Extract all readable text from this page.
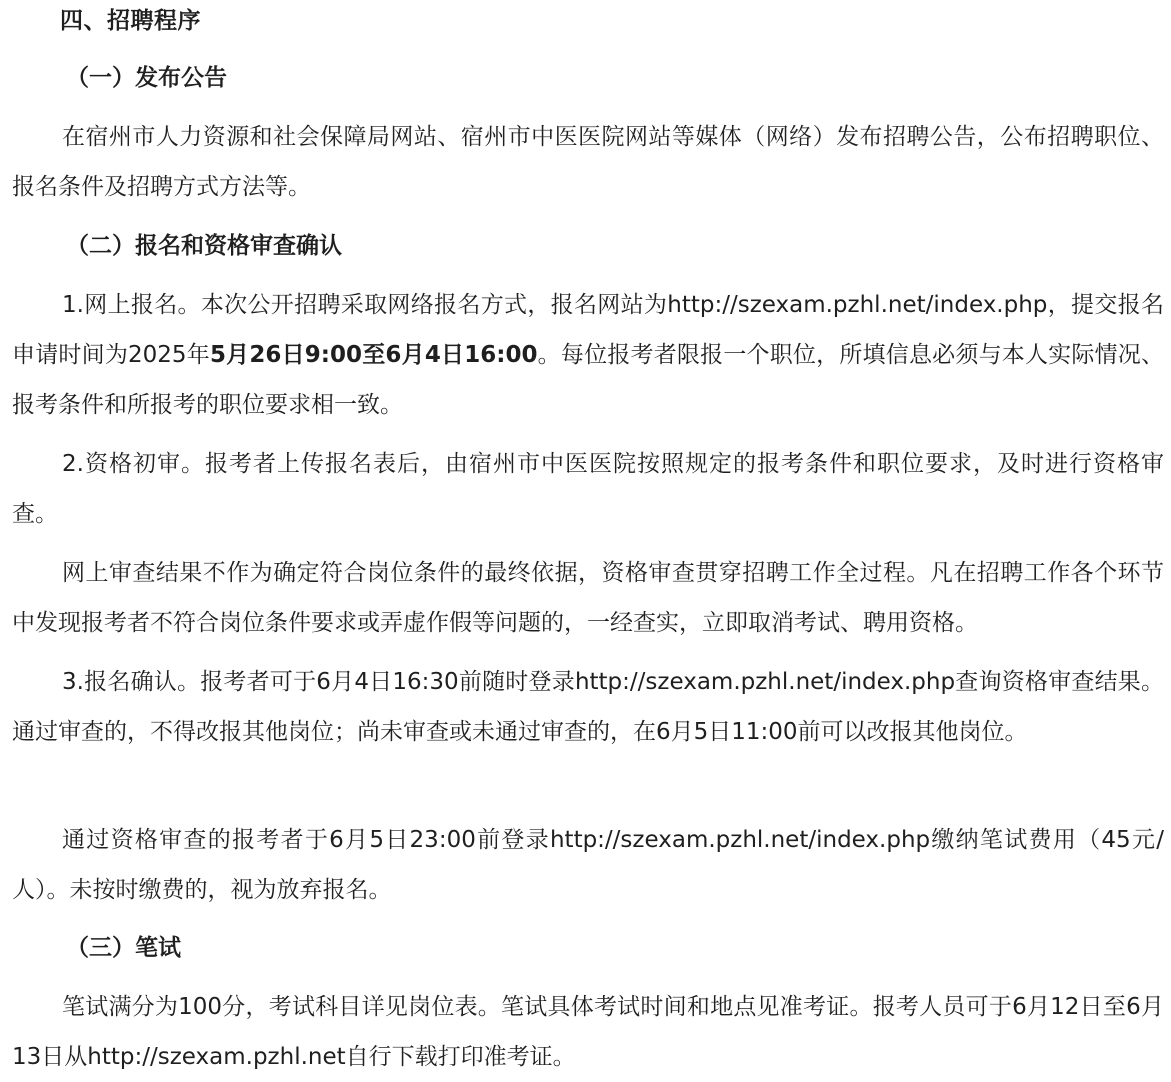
四、招聘程序
（一）发布公告

在宿州市人力资源和社会保障局网站、宿州市中医医院网站等媒体（网络）发布招聘公告，公布招聘职位、报名条件及招聘方式方法等。

（二）报名和资格审查确认

1.网上报名。本次公开招聘采取网络报名方式，报名网站为http://szexam.pzhl.net/index.php，提交报名申请时间为2025年5月26日9:00至6月4日16:00。每位报考者限报一个职位，所填信息必须与本人实际情况、报考条件和所报考的职位要求相一致。

2.资格初审。报考者上传报名表后，由宿州市中医医院按照规定的报考条件和职位要求，及时进行资格审查。

网上审查结果不作为确定符合岗位条件的最终依据，资格审查贯穿招聘工作全过程。凡在招聘工作各个环节中发现报考者不符合岗位条件要求或弄虚作假等问题的，一经查实，立即取消考试、聘用资格。

3.报名确认。报考者可于6月4日16:30前随时登录http://szexam.pzhl.net/index.php查询资格审查结果。通过审查的，不得改报其他岗位；尚未审查或未通过审查的，在6月5日11:00前可以改报其他岗位。

通过资格审查的报考者于6月5日23:00前登录http://szexam.pzhl.net/index.php缴纳笔试费用（45元/人）。未按时缴费的，视为放弃报名。

（三）笔试

笔试满分为100分，考试科目详见岗位表。笔试具体考试时间和地点见准考证。报考人员可于6月12日至6月13日从http://szexam.pzhl.net自行下载打印准考证。
